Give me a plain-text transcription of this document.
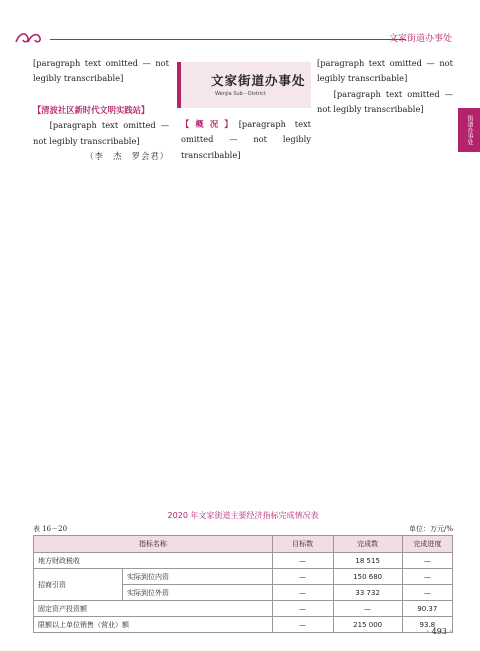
文家街道办事处
街道办事处

[paragraph text omitted — not legibly transcribable]

【清波社区新时代文明实践站】

[paragraph text omitted — not legibly transcribable]

（李　杰　罗会君）
文家街道办事处
Wenjia Sub－District

【概况】[paragraph text omitted — not legibly transcribable]

[paragraph text omitted — not legibly transcribable]

[paragraph text omitted — not legibly transcribable]

2020 年文家街道主要经济指标完成情况表
表 16－20	单位：万元/%
指标名称		目标数	完成数	完成进度
地方财政税收		—	18 515	—
招商引资	实际到位内资	—	150 680	—
	实际到位外资	—	33 732	—
固定资产投资额		—	—	90.37
限额以上单位销售（营业）额		—	215 000	93.8
· 493 ·
